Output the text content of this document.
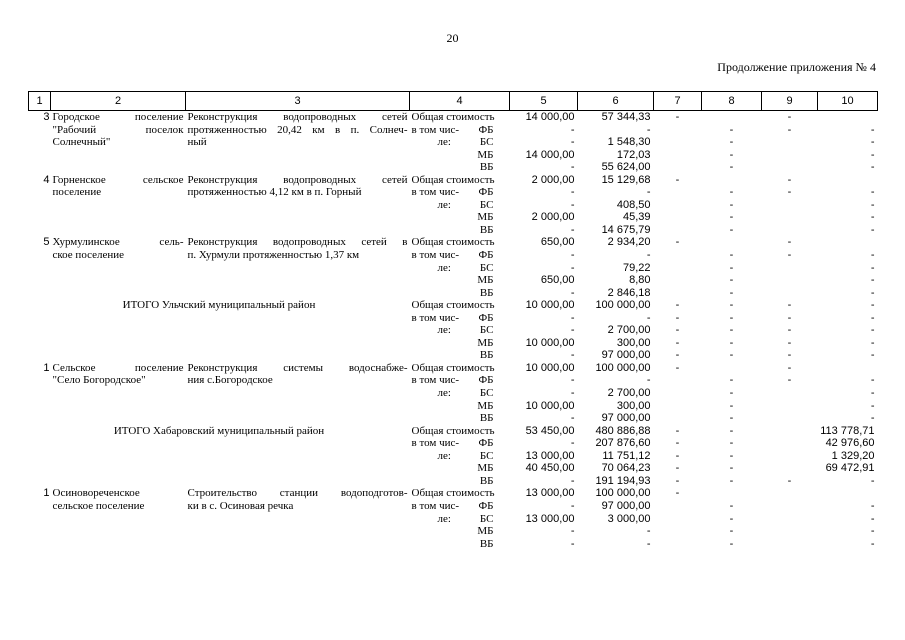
20
Продолжение приложения № 4
1	2	3	4	5	6	7	8	9	10
3	Городское поселение	Реконструкция водопроводных сетей	Общая стоимость	14 000,00	57 344,33	-		-	
	"Рабочий поселок	протяженностью 20,42 км в п. Солнеч-	в том чис- ФБ	-	-		-	-	-
	Солнечный"	ный	ле: БС	-	1 548,30		-		-

			МБ	14 000,00	172,03		-		-

			ВБ	-	55 624,00		-		-
4	Горненское сельское	Реконструкция водопроводных сетей	Общая стоимость	2 000,00	15 129,68	-		-	
	поселение	протяженностью 4,12 км в п. Горный	в том чис- ФБ	-	-		-	-	-

			ле: БС	-	408,50		-		-

			МБ	2 000,00	45,39		-		-

			ВБ	-	14 675,79		-		-
5	Хурмулинское сель-	Реконструкция водопроводных сетей в	Общая стоимость	650,00	2 934,20	-		-	
	ское поселение	п. Хурмули протяженностью 1,37 км	в том чис- ФБ	-	-		-	-	-

			ле: БС	-	79,22		-		-

			МБ	650,00	8,80		-		-

			ВБ	-	2 846,18		-		-
ИТОГО Ульчский муниципальный район			Общая стоимость	10 000,00	100 000,00	-	-	-	-

			в том чис- ФБ	-	-	-	-	-	-

			ле: БС	-	2 700,00	-	-	-	-

			МБ	10 000,00	300,00	-	-	-	-

			ВБ	-	97 000,00	-	-	-	-
1	Сельское поселение	Реконструкция системы водоснабже-	Общая стоимость	10 000,00	100 000,00	-		-	
	"Село Богородское"	ния с.Богородское	в том чис- ФБ	-	-		-	-	-

			ле: БС	-	2 700,00		-		-

			МБ	10 000,00	300,00		-		-

			ВБ	-	97 000,00		-		-
ИТОГО Хабаровский муниципальный район			Общая стоимость	53 450,00	480 886,88	-	-		113 778,71

			в том чис- ФБ	-	207 876,60	-	-		42 976,60

			ле: БС	13 000,00	11 751,12	-	-		1 329,20

			МБ	40 450,00	70 064,23	-	-		69 472,91

			ВБ	-	191 194,93	-	-	-	-
1	Осиновореченское	Строительство станции водоподготов-	Общая стоимость	13 000,00	100 000,00	-			
	сельское поселение	ки в с. Осиновая речка	в том чис- ФБ	-	97 000,00		-		-

			ле: БС	13 000,00	3 000,00		-		-

			МБ	-	-		-		-

			ВБ	-	-		-		-
